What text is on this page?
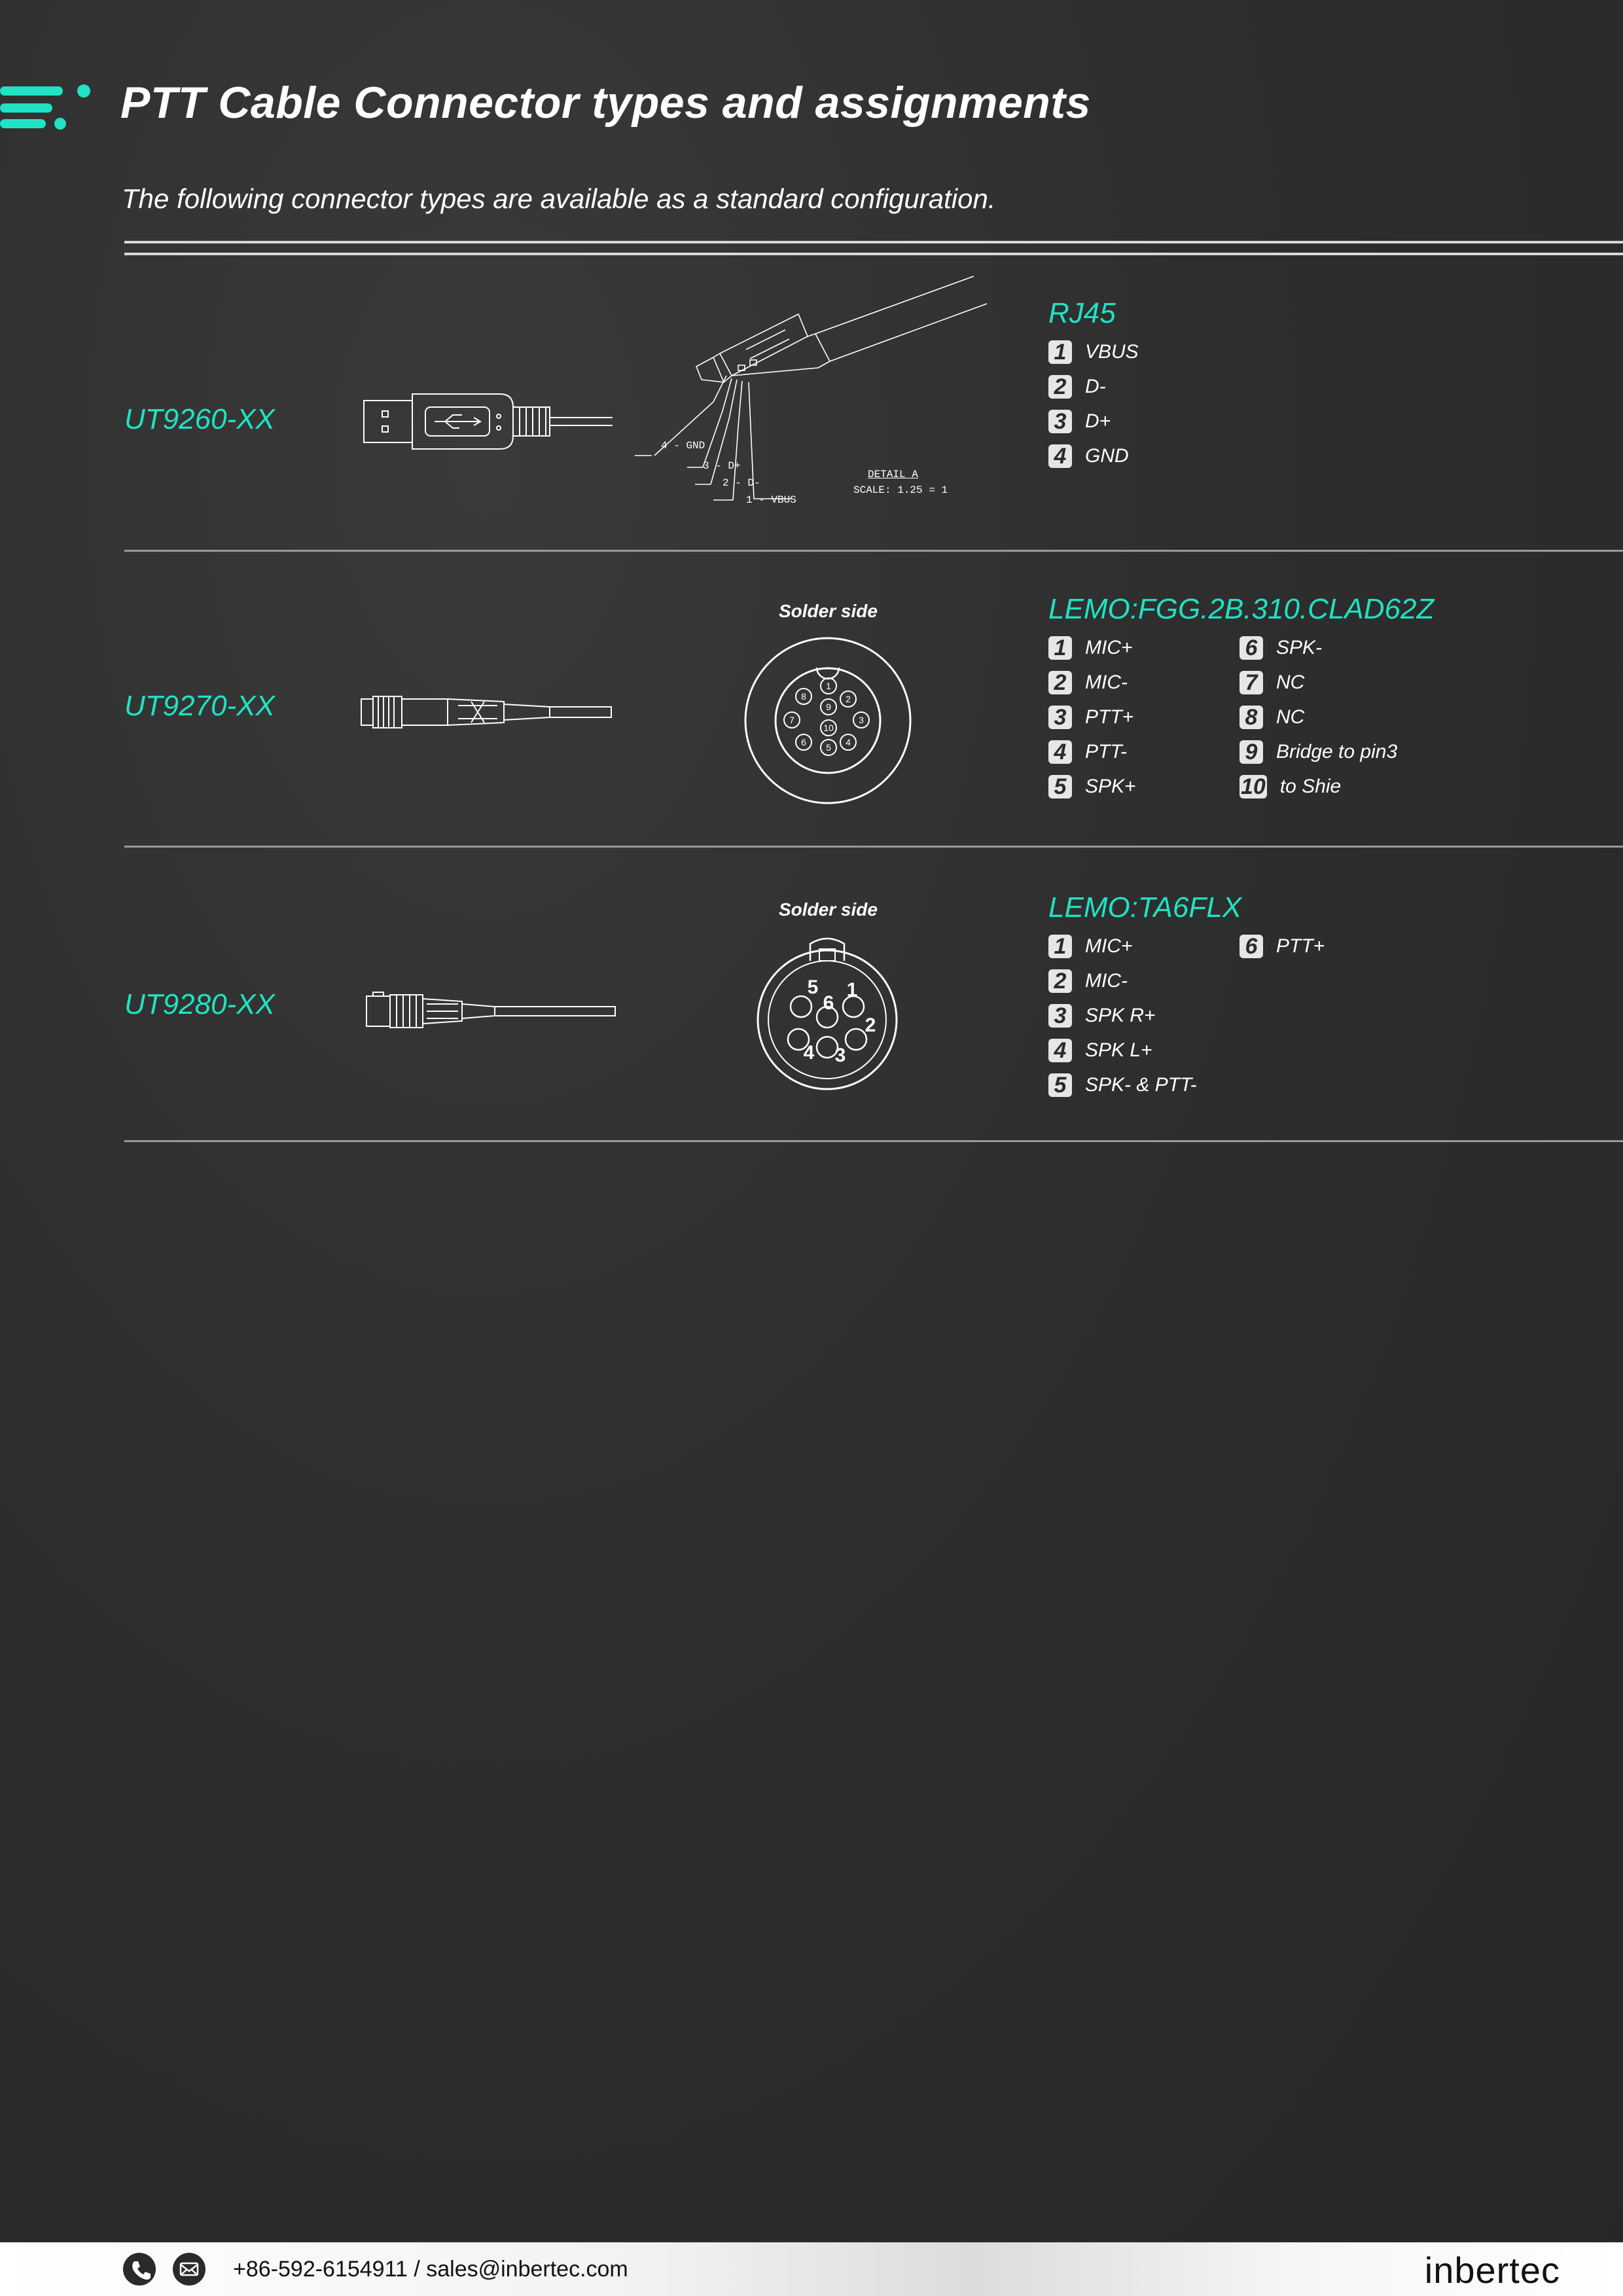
PTT Cable Connector types and assignments

The following connector types are available as a standard configuration.

UT9260-XX
4 - GND
3 - D+
2 - D-
1 - VBUS
DETAIL A
SCALE: 1.25 = 1
RJ45
1 VBUS
2 D-
3 D+
4 GND
UT9270-XX
Solder side
1
2
3
4
5
6
7
8
9
10
LEMO:FGG.2B.310.CLAD62Z
1 MIC+
2 MIC-
3 PTT+
4 PTT-
5 SPK+
6 SPK-
7 NC
8 NC
9 Bridge to pin3
10 to Shie
UT9280-XX
Solder side
5
6
1
2
3
4
LEMO:TA6FLX
1 MIC+
2 MIC-
3 SPK R+
4 SPK L+
5 SPK- & PTT-
6 PTT+
+86-592-6154911 / sales@inbertec.com	inbertec
